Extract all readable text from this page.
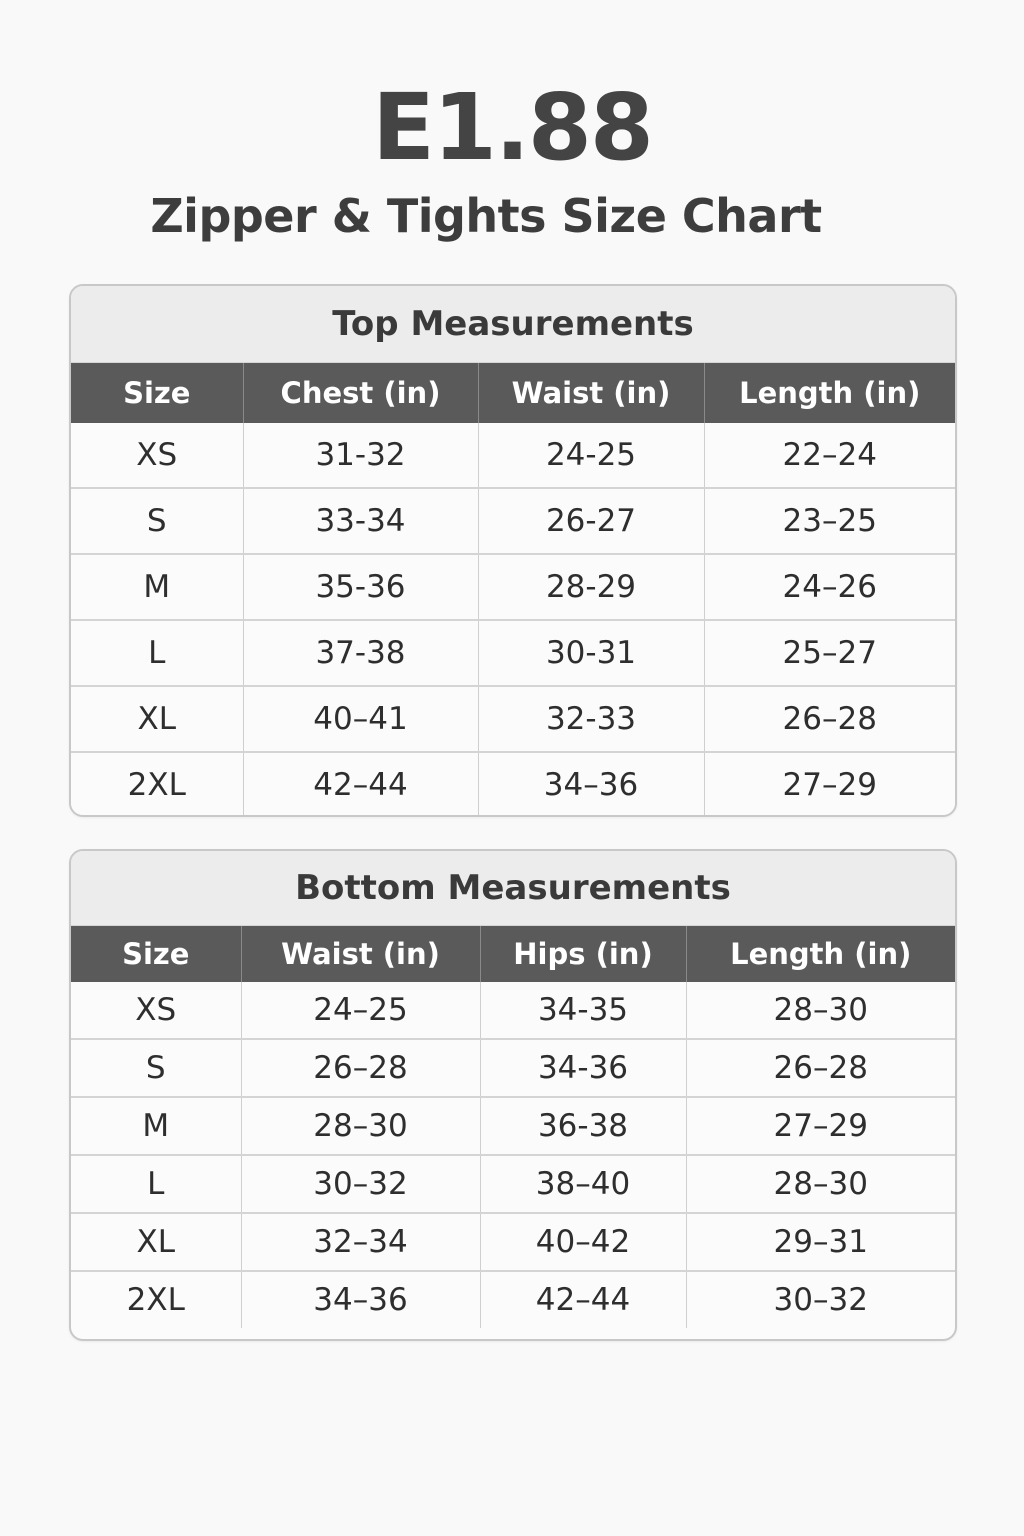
E1.88
Zipper & Tights Size Chart
Top Measurements
Size	Chest (in)	Waist (in)	Length (in)
XS	31-32	24-25	22–24
S	33-34	26-27	23–25
M	35-36	28-29	24–26
L	37-38	30-31	25–27
XL	40–41	32-33	26–28
2XL	42–44	34–36	27–29
Bottom Measurements
Size	Waist (in)	Hips (in)	Length (in)
XS	24–25	34-35	28–30
S	26–28	34-36	26–28
M	28–30	36-38	27–29
L	30–32	38–40	28–30
XL	32–34	40–42	29–31
2XL	34–36	42–44	30–32
